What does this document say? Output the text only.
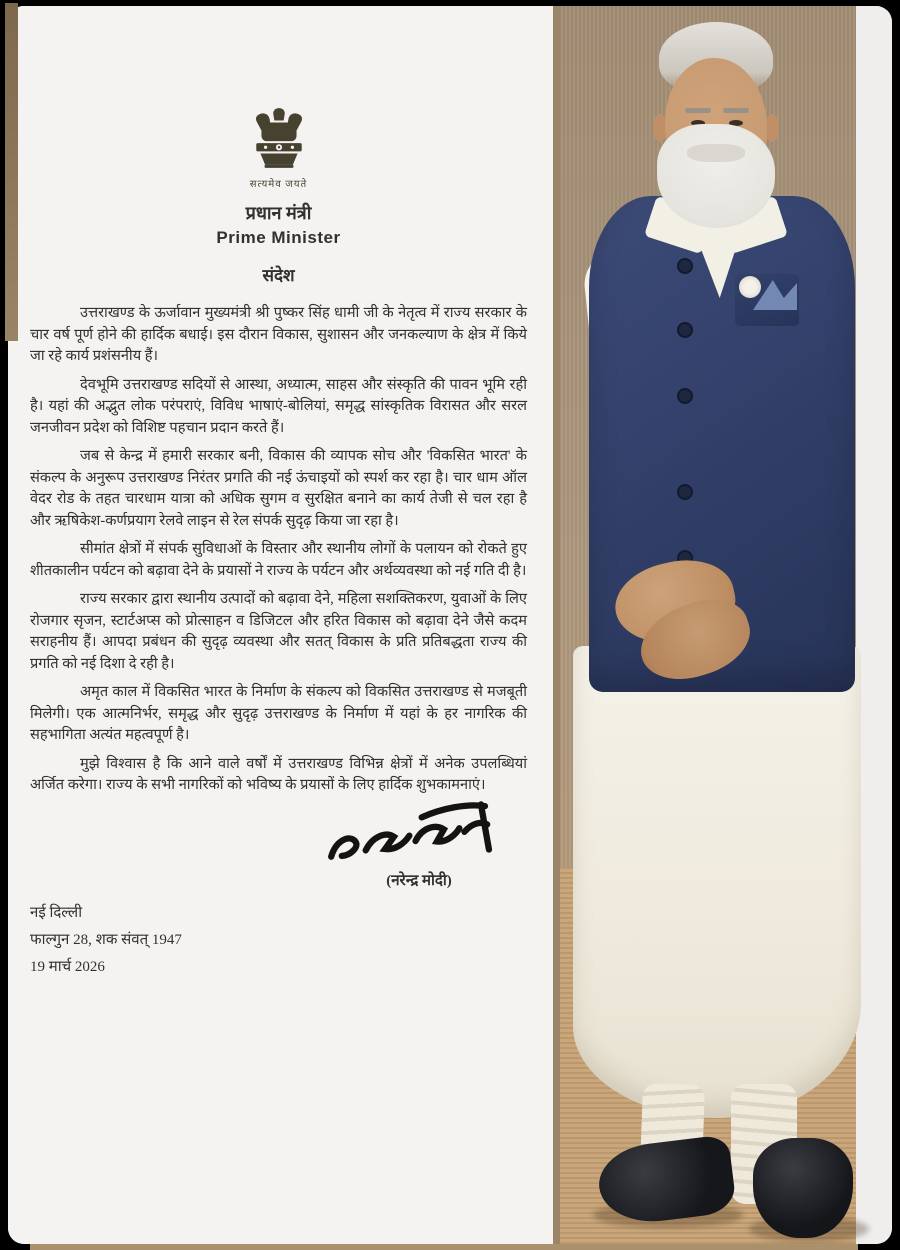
सत्यमेव जयते
प्रधान मंत्री
Prime Minister
संदेश

उत्तराखण्ड के ऊर्जावान मुख्यमंत्री श्री पुष्कर सिंह धामी जी के नेतृत्व में राज्य सरकार के चार वर्ष पूर्ण होने की हार्दिक बधाई। इस दौरान विकास, सुशासन और जनकल्याण के क्षेत्र में किये जा रहे कार्य प्रशंसनीय हैं।

देवभूमि उत्तराखण्ड सदियों से आस्था, अध्यात्म, साहस और संस्कृति की पावन भूमि रही है। यहां की अद्भुत लोक परंपराएं, विविध भाषाएं-बोलियां, समृद्ध सांस्कृतिक विरासत और सरल जनजीवन प्रदेश को विशिष्ट पहचान प्रदान करते हैं।

जब से केन्द्र में हमारी सरकार बनी, विकास की व्यापक सोच और 'विकसित भारत' के संकल्प के अनुरूप उत्तराखण्ड निरंतर प्रगति की नई ऊंचाइयों को स्पर्श कर रहा है। चार धाम ऑल वेदर रोड के तहत चारधाम यात्रा को अधिक सुगम व सुरक्षित बनाने का कार्य तेजी से चल रहा है और ऋषिकेश-कर्णप्रयाग रेलवे लाइन से रेल संपर्क सुदृढ़ किया जा रहा है।

सीमांत क्षेत्रों में संपर्क सुविधाओं के विस्तार और स्थानीय लोगों के पलायन को रोकते हुए शीतकालीन पर्यटन को बढ़ावा देने के प्रयासों ने राज्य के पर्यटन और अर्थव्यवस्था को नई गति दी है।

राज्य सरकार द्वारा स्थानीय उत्पादों को बढ़ावा देने, महिला सशक्तिकरण, युवाओं के लिए रोजगार सृजन, स्टार्टअप्स को प्रोत्साहन व डिजिटल और हरित विकास को बढ़ावा देने जैसे कदम सराहनीय हैं। आपदा प्रबंधन की सुदृढ़ व्यवस्था और सतत् विकास के प्रति प्रतिबद्धता राज्य की प्रगति को नई दिशा दे रही है।

अमृत काल में विकसित भारत के निर्माण के संकल्प को विकसित उत्तराखण्ड से मजबूती मिलेगी। एक आत्मनिर्भर, समृद्ध और सुदृढ़ उत्तराखण्ड के निर्माण में यहां के हर नागरिक की सहभागिता अत्यंत महत्वपूर्ण है।

मुझे विश्वास है कि आने वाले वर्षों में उत्तराखण्ड विभिन्न क्षेत्रों में अनेक उपलब्धियां अर्जित करेगा। राज्य के सभी नागरिकों को भविष्य के प्रयासों के लिए हार्दिक शुभकामनाएं।

(नरेन्द्र मोदी)
नई दिल्ली
फाल्गुन 28, शक संवत् 1947
19 मार्च 2026
